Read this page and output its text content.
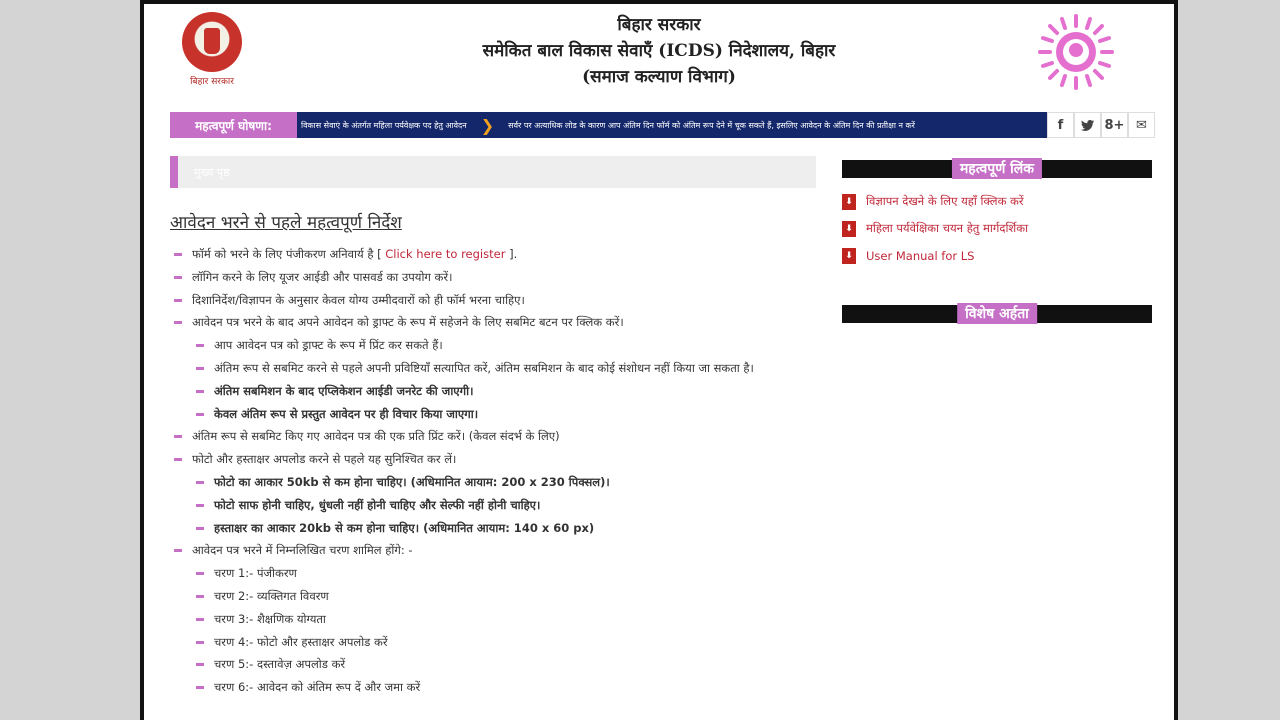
बिहार सरकार
बिहार सरकार
समेकित बाल विकास सेवाएँ (ICDS) निदेशालय, बिहार
(समाज कल्याण विभाग)
महत्वपूर्ण घोषणा:	विकास सेवाएं के अंतर्गत महिला पर्यवेक्षक पद हेतु आवेदन ❯ सर्वर पर अत्याधिक लोड के कारण आप अंतिम दिन फॉर्म को अंतिम रूप देने में चूक सकते हैं, इसलिए आवेदन के अंतिम दिन की प्रतीक्षा न करें	f	8+ ✉
मुख्य पृष्ठ
आवेदन भरने से पहले महत्वपूर्ण निर्देश
फॉर्म को भरने के लिए पंजीकरण अनिवार्य है [ Click here to register ].
लॉगिन करने के लिए यूजर आईडी और पासवर्ड का उपयोग करें।
दिशानिर्देश/विज्ञापन के अनुसार केवल योग्य उम्मीदवारों को ही फॉर्म भरना चाहिए।
आवेदन पत्र भरने के बाद अपने आवेदन को ड्राफ्ट के रूप में सहेजने के लिए सबमिट बटन पर क्लिक करें।
आप आवेदन पत्र को ड्राफ्ट के रूप में प्रिंट कर सकते हैं।
अंतिम रूप से सबमिट करने से पहले अपनी प्रविष्टियाँ सत्यापित करें, अंतिम सबमिशन के बाद कोई संशोधन नहीं किया जा सकता है।
अंतिम सबमिशन के बाद एप्लिकेशन आईडी जनरेट की जाएगी।
केवल अंतिम रूप से प्रस्तुत आवेदन पर ही विचार किया जाएगा।
अंतिम रूप से सबमिट किए गए आवेदन पत्र की एक प्रति प्रिंट करें। (केवल संदर्भ के लिए)
फोटो और हस्ताक्षर अपलोड करने से पहले यह सुनिश्चित कर लें।
फोटो का आकार 50kb से कम होना चाहिए। (अधिमानित आयाम: 200 x 230 पिक्सल)।
फोटो साफ होनी चाहिए, धुंधली नहीं होनी चाहिए और सेल्फी नहीं होनी चाहिए।
हस्ताक्षर का आकार 20kb से कम होना चाहिए। (अधिमानित आयाम: 140 x 60 px)
आवेदन पत्र भरने में निम्नलिखित चरण शामिल होंगे: -
चरण 1:- पंजीकरण
चरण 2:- व्यक्तिगत विवरण
चरण 3:- शैक्षणिक योग्यता
चरण 4:- फोटो और हस्ताक्षर अपलोड करें
चरण 5:- दस्तावेज़ अपलोड करें
चरण 6:- आवेदन को अंतिम रूप दें और जमा करें
महत्वपूर्ण लिंक
⬇ विज्ञापन देखने के लिए यहाँ क्लिक करें
⬇ महिला पर्यवेक्षिका चयन हेतु मार्गदर्शिका
⬇ User Manual for LS
विशेष अर्हता
